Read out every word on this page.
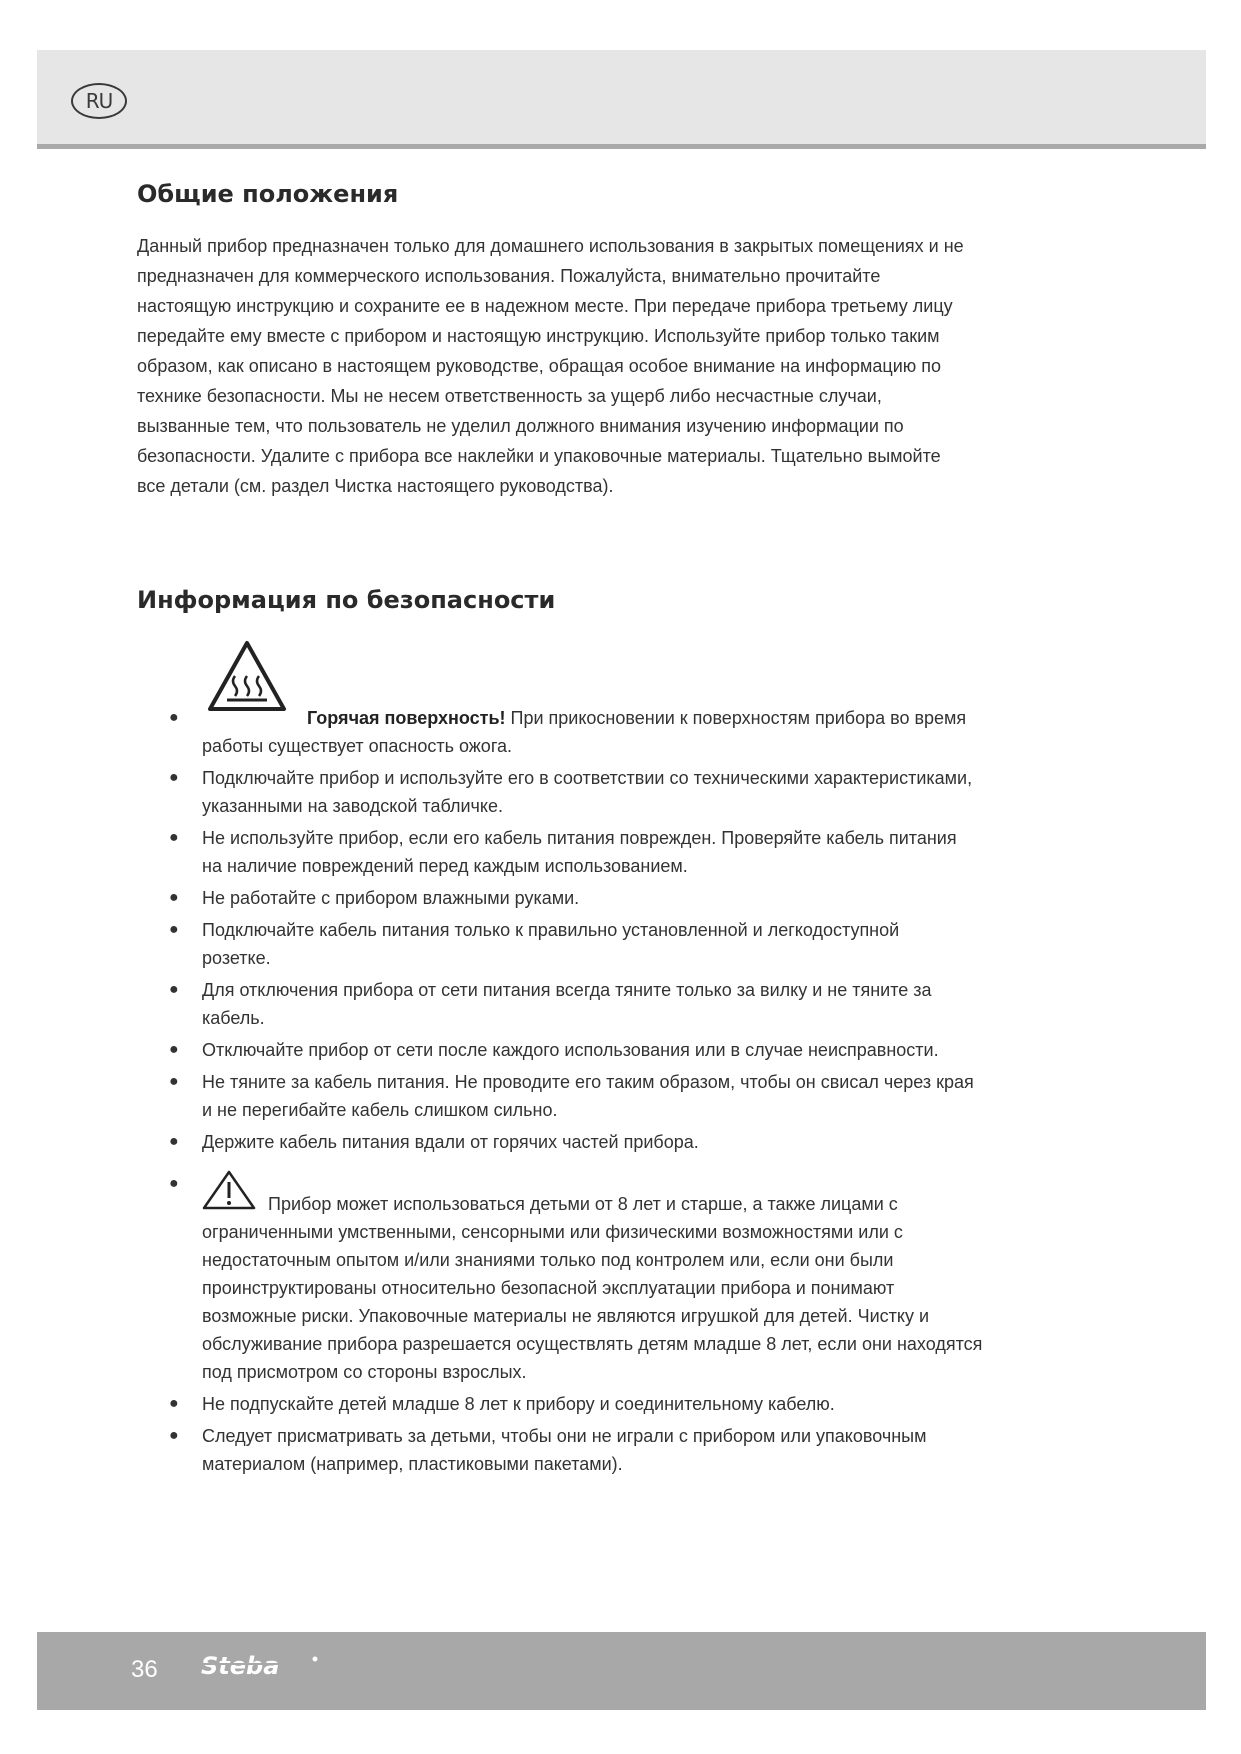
RU
Общие положения

Данный прибор предназначен только для домашнего использования в закрытых помещениях и не
предназначен для коммерческого использования. Пожалуйста, внимательно прочитайте
настоящую инструкцию и сохраните ее в надежном месте. При передаче прибора третьему лицу
передайте ему вместе с прибором и настоящую инструкцию. Используйте прибор только таким
образом, как описано в настоящем руководстве, обращая особое внимание на информацию по
технике безопасности. Мы не несем ответственность за ущерб либо несчастные случаи,
вызванные тем, что пользователь не уделил должного внимания изучению информации по
безопасности. Удалите с прибора все наклейки и упаковочные материалы. Тщательно вымойте
все детали (см. раздел Чистка настоящего руководства).

Информация по безопасности
●	Горячая поверхность! При прикосновении к поверхностям прибора во время
работы существует опасность ожога.
● Подключайте прибор и используйте его в соответствии со техническими характеристиками,
указанными на заводской табличке.
● Не используйте прибор, если его кабель питания поврежден. Проверяйте кабель питания
на наличие повреждений перед каждым использованием.
● Не работайте с прибором влажными руками.
● Подключайте кабель питания только к правильно установленной и легкодоступной
розетке.
● Для отключения прибора от сети питания всегда тяните только за вилку и не тяните за
кабель.
● Отключайте прибор от сети после каждого использования или в случае неисправности.
● Не тяните за кабель питания. Не проводите его таким образом, чтобы он свисал через края
и не перегибайте кабель слишком сильно.
● Держите кабель питания вдали от горячих частей прибора.
●
Прибор может использоваться детьми от 8 лет и старше, а также лицами с
ограниченными умственными, сенсорными или физическими возможностями или с
недостаточным опытом и/или знаниями только под контролем или, если они были
проинструктированы относительно безопасной эксплуатации прибора и понимают
возможные риски. Упаковочные материалы не являются игрушкой для детей. Чистку и
обслуживание прибора разрешается осуществлять детям младше 8 лет, если они находятся
под присмотром со стороны взрослых.
● Не подпускайте детей младше 8 лет к прибору и соединительному кабелю.
● Следует присматривать за детьми, чтобы они не играли с прибором или упаковочным
материалом (например, пластиковыми пакетами).
36 Steba
